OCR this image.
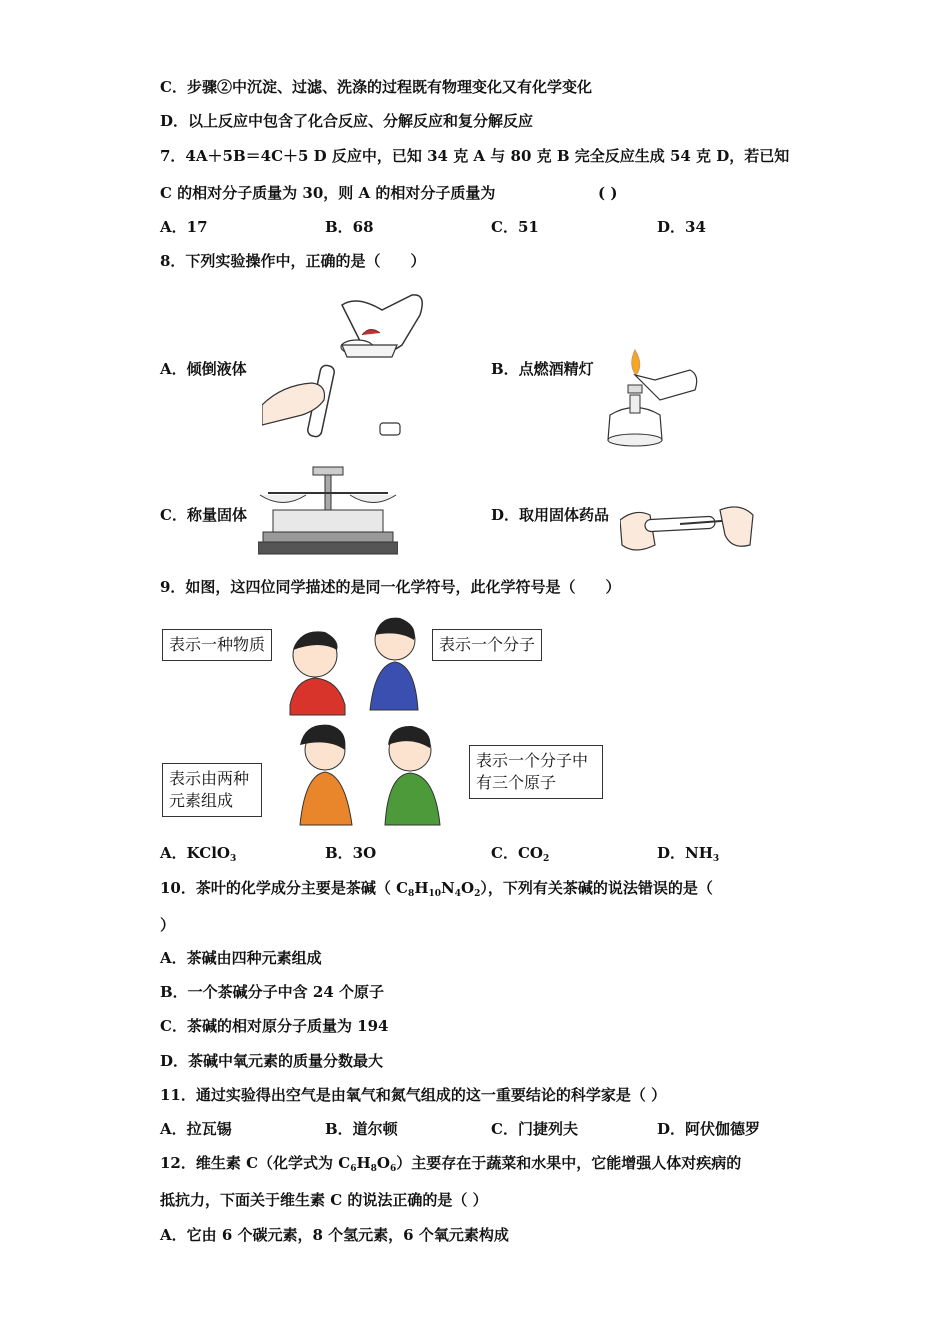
C．步骤②中沉淀、过滤、洗涤的过程既有物理变化又有化学变化
D．以上反应中包含了化合反应、分解反应和复分解反应
7．4A＋5B＝4C＋5 D 反应中，已知 34 克 A 与 80 克 B 完全反应生成 54 克 D，若已知
C 的相对分子质量为 30，则 A 的相对分子质量为	( )
A．17	B．68	C．51	D．34
8．下列实验操作中，正确的是（　　）
A．倾倒液体	B．点燃酒精灯
C．称量固体	D．取用固体药品
9．如图，这四位同学描述的是同一化学符号，此化学符号是（　　）
表示一种物质	表示一个分子
表示由两种
元素组成
表示一个分子中
有三个原子
A．KClO$_3$	B．3O	C．$CO_2$	D．$NH_3$
10．茶叶的化学成分主要是茶碱（ $C_8H_{10}N_4O_2$），下列有关茶碱的说法错误的是（
）
A．茶碱由四种元素组成
B．一个茶碱分子中含 24 个原子
C．茶碱的相对原分子质量为 194
D．茶碱中氧元素的质量分数最大
11．通过实验得出空气是由氧气和氮气组成的这一重要结论的科学家是（ ）
A．拉瓦锡	B．道尔顿	C．门捷列夫	D．阿伏伽德罗
12．维生素 C（化学式为 $C_6H_8O_6$）主要存在于蔬菜和水果中，它能增强人体对疾病的
抵抗力，下面关于维生素 C 的说法正确的是（ ）
A．它由 6 个碳元素，8 个氢元素，6 个氧元素构成
